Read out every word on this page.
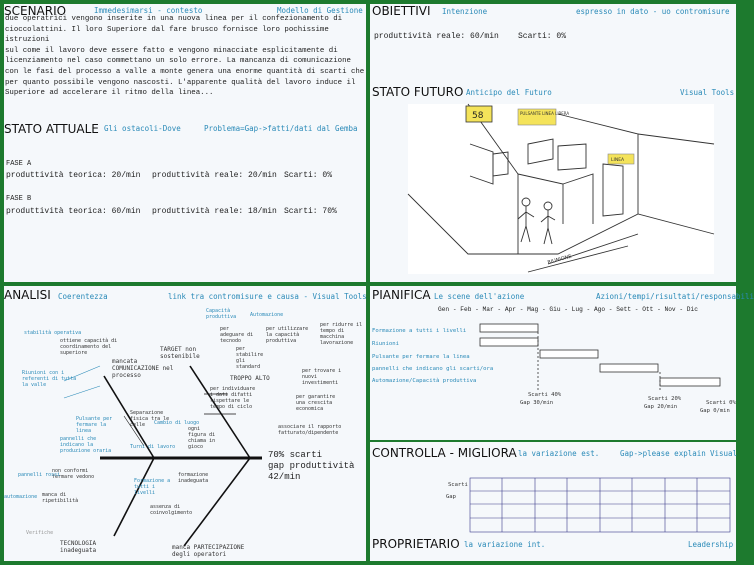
SCENARIO	Immedesimarsi - contesto	Modello di Gestione
due operatrici vengono inserite in una nuova linea per il confezionamento di
cioccolattini. Il loro Superiore dal fare brusco fornisce loro pochissime istruzioni
sul come il lavoro deve essere fatto e vengono minacciate esplicitamente di
licenziamento nel caso commettano un solo errore. La mancanza di comunicazione
con le fasi del processo a valle a monte genera una enorme quantità di scarti che
per quanto possibile vengono nascosti. L'apparente qualità del lavoro induce il
Superiore ad accelerare il ritmo della linea...
STATO ATTUALE Gli ostacoli-Dove	Problema=Gap->fatti/dati dal Gemba
FASE A
produttività teorica: 20/min produttività reale: 20/min Scarti: 0%
FASE B
produttività teorica: 60/min produttività reale: 18/min Scarti: 70%
OBIETTIVI Intenzione	espresso in dato - uo contromisure
produttività reale: 60/min Scarti: 0%
STATO FUTURO Anticipo del Futuro	Visual Tools
58	PULSANTE LINEA LIBERA
LINEA
RIUNIONE
ANALISI Coerentezza	link tra contromisure e causa - Visual Tools
70% scarti
gap produttività
42/min
mancata COMUNICAZIONE nel processo
TARGET non sostenibile
TROPPO ALTO
TECNOLOGIA inadeguata	manca PARTECIPAZIONE degli operatori
non conformi fermare vedono	formazione inadeguata
manca di ripetibilità
assenza di coinvolgimento
stabilità operativa
ottiene capacità di coordinamento del superiore
Riunioni con i referenti di tutta la valle
Pulsante per fermare la linea
pannelli che indicano la produzione oraria
Turni di lavoro
Separazione fisica tra le celle
Capacità produttiva	Automazione
per adeguare di tecnodo
per utilizzare la capacità produttiva
per ridurre il tempo di macchina lavorazione
per stabilire gli standard
per individuare i dati difatti rispettare le tempo di ciclo
per trovare i nuovi investimenti
per garantire una crescita economica
associare il rapporto fatturato/dipendente
ogni figura di chiama in gioco
Cambio di luogo
Formazione a tutti i livelli
pannelli rossi
automazione
Verifiche
PIANIFICA Le scene dell'azione	Azioni/tempi/risultati/responsabili
Gen - Feb - Mar - Apr - Mag - Giu - Lug - Ago - Sett - Ott - Nov - Dic
Formazione a tutti i livelli
Riunioni
Pulsante per fermare la linea
pannelli che indicano gli scarti/ora
Automazione/Capacità produttiva
Scarti 40%
Gap 30/min
Scarti 20%
Gap 20/min
Scarti 0%
Gap 0/min
CONTROLLA - MIGLIORA la variazione est.	Gap->please explain Visual
Scarti
Gap
PROPRIETARIO la variazione int.	Leadership
